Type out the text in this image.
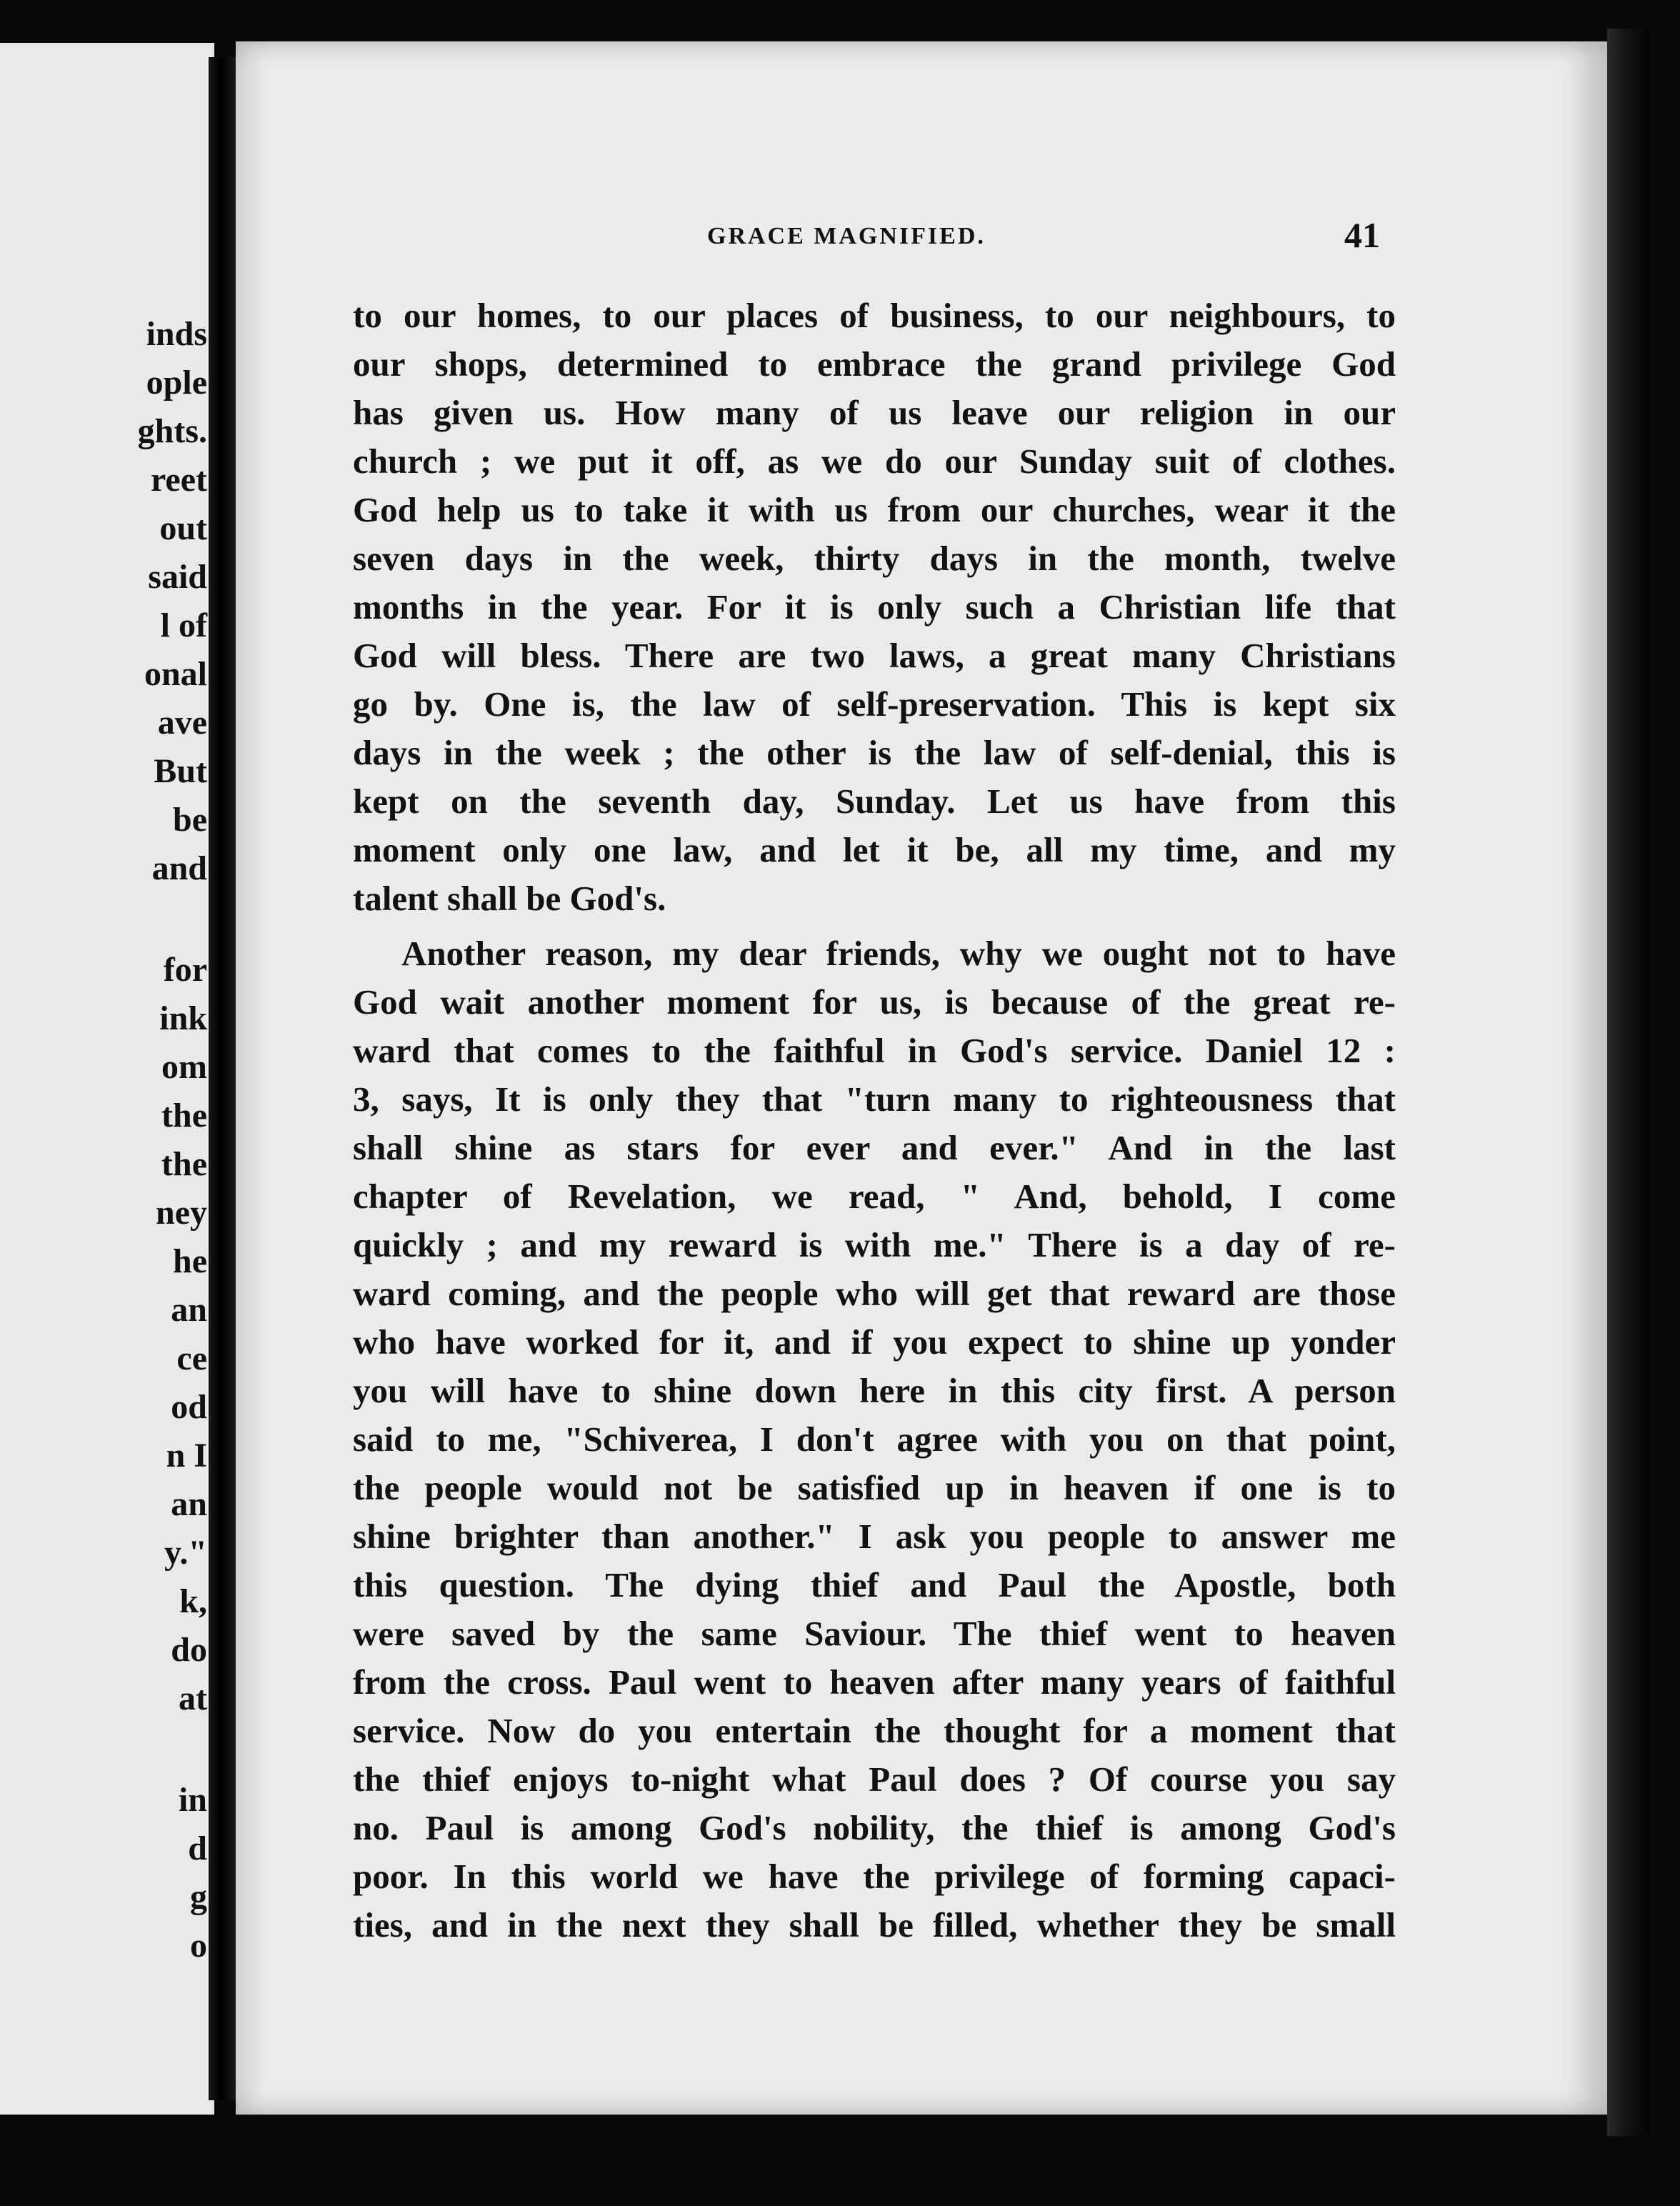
inds
ople
ghts.
reet
out
said
l of
onal
ave
But
be
and
for
ink
om
the
the
ney
he
an
ce
od
n I
an
y."
k,
do
at
in
d
g
o
GRACE MAGNIFIED.	41
to our homes, to our places of business, to our neighbours, to
our shops, determined to embrace the grand privilege God
has given us. How many of us leave our religion in our
church ; we put it off, as we do our Sunday suit of clothes.
God help us to take it with us from our churches, wear it the
seven days in the week, thirty days in the month, twelve
months in the year. For it is only such a Christian life that
God will bless. There are two laws, a great many Christians
go by. One is, the law of self-preservation. This is kept six
days in the week ; the other is the law of self-denial, this is
kept on the seventh day, Sunday. Let us have from this
moment only one law, and let it be, all my time, and my
talent shall be God's.
Another reason, my dear friends, why we ought not to have
God wait another moment for us, is because of the great re-
ward that comes to the faithful in God's service. Daniel 12 :
3, says, It is only they that "turn many to righteousness that
shall shine as stars for ever and ever." And in the last
chapter of Revelation, we read, " And, behold, I come
quickly ; and my reward is with me." There is a day of re-
ward coming, and the people who will get that reward are those
who have worked for it, and if you expect to shine up yonder
you will have to shine down here in this city first. A person
said to me, "Schiverea, I don't agree with you on that point,
the people would not be satisfied up in heaven if one is to
shine brighter than another." I ask you people to answer me
this question. The dying thief and Paul the Apostle, both
were saved by the same Saviour. The thief went to heaven
from the cross. Paul went to heaven after many years of faithful
service. Now do you entertain the thought for a moment that
the thief enjoys to-night what Paul does ? Of course you say
no. Paul is among God's nobility, the thief is among God's
poor. In this world we have the privilege of forming capaci-
ties, and in the next they shall be filled, whether they be small
